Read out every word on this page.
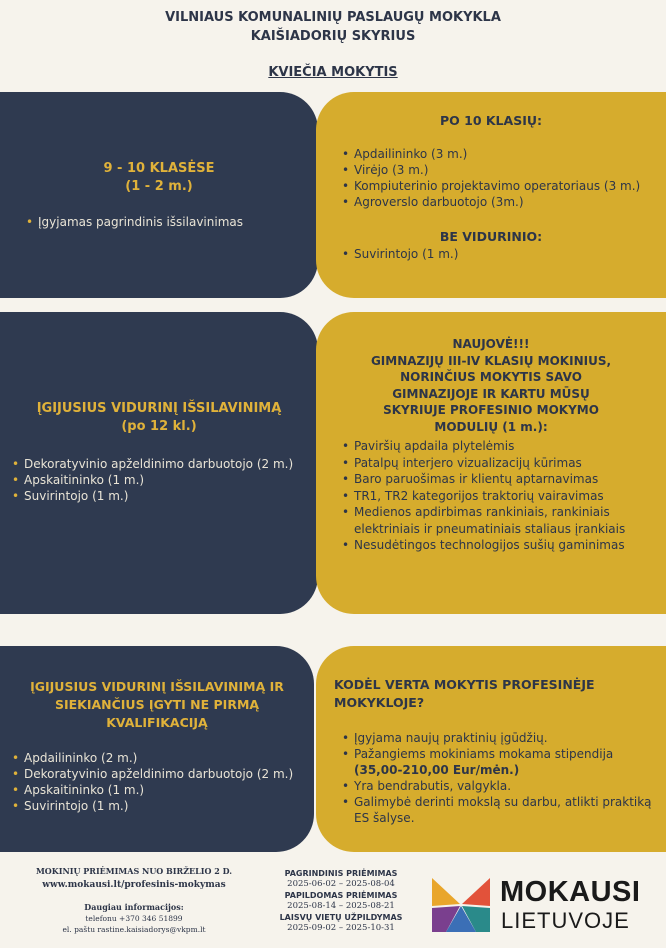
VILNIAUS KOMUNALINIŲ PASLAUGŲ MOKYKLA
KAIŠIADORIŲ SKYRIUS
KVIEČIA MOKYTIS
9 - 10 KLASĖSE
(1 - 2 m.)
• Įgyjamas pagrindinis išsilavinimas
PO 10 KLASIŲ:
• Apdailininko (3 m.)
• Virėjo (3 m.)
• Kompiuterinio projektavimo operatoriaus (3 m.)
• Agroverslo darbuotojo (3m.)
BE VIDURINIO:
• Suvirintojo (1 m.)
ĮGIJUSIUS VIDURINĮ IŠSILAVINIMĄ
(po 12 kl.)
• Dekoratyvinio apželdinimo darbuotojo (2 m.)
• Apskaitininko (1 m.)
• Suvirintojo (1 m.)
NAUJOVĖ!!!
GIMNAZIJŲ III-IV KLASIŲ MOKINIUS,
NORINČIUS MOKYTIS SAVO
GIMNAZIJOJE IR KARTU MŪSŲ
SKYRIUJE PROFESINIO MOKYMO
MODULIŲ (1 m.):
• Paviršių apdaila plytelėmis
• Patalpų interjero vizualizacijų kūrimas
• Baro paruošimas ir klientų aptarnavimas
• TR1, TR2 kategorijos traktorių vairavimas
• Medienos apdirbimas rankiniais, rankiniais elektriniais ir pneumatiniais staliaus įrankiais
• Nesudėtingos technologijos sušių gaminimas
ĮGIJUSIUS VIDURINĮ IŠSILAVINIMĄ IR
SIEKIANČIUS ĮGYTI NE PIRMĄ
KVALIFIKACIJĄ
• Apdailininko (2 m.)
• Dekoratyvinio apželdinimo darbuotojo (2 m.)
• Apskaitininko (1 m.)
• Suvirintojo (1 m.)
KODĖL VERTA MOKYTIS PROFESINĖJE
MOKYKLOJE?
• Įgyjama naujų praktinių įgūdžių.
• Pažangiems mokiniams mokama stipendija
(35,00-210,00 Eur/mėn.)
• Yra bendrabutis, valgykla.
• Galimybė derinti mokslą su darbu, atlikti praktiką ES šalyse.
MOKINIŲ PRIĖMIMAS NUO BIRŽELIO 2 D.
www.mokausi.lt/profesinis-mokymas
Daugiau informacijos:
telefonu +370 346 51899
el. paštu rastine.kaisiadorys@vkpm.lt
PAGRINDINIS PRIĖMIMAS
2025-06-02 – 2025-08-04
PAPILDOMAS PRIĖMIMAS
2025-08-14 – 2025-08-21
LAISVŲ VIETŲ UŽPILDYMAS
2025-09-02 – 2025-10-31
MOKAUSI
LIETUVOJE
